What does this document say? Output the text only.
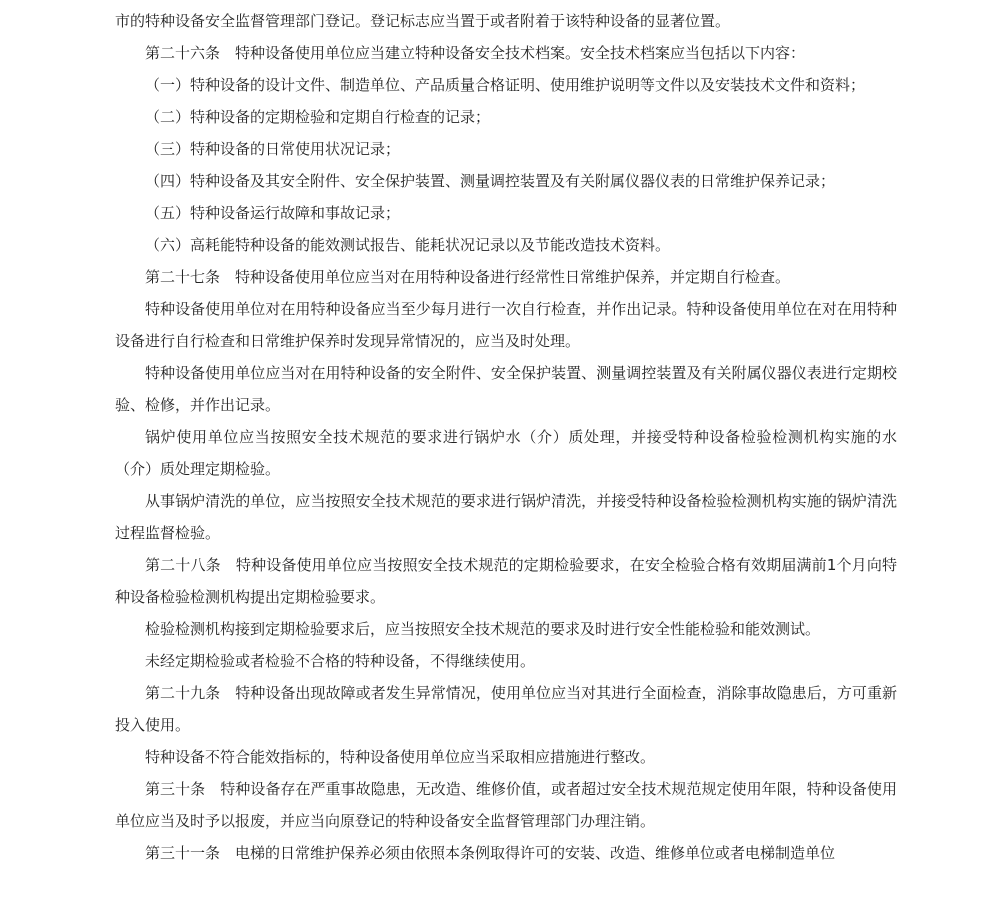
市的特种设备安全监督管理部门登记。登记标志应当置于或者附着于该特种设备的显著位置。

第二十六条　特种设备使用单位应当建立特种设备安全技术档案。安全技术档案应当包括以下内容：

（一）特种设备的设计文件、制造单位、产品质量合格证明、使用维护说明等文件以及安装技术文件和资料；

（二）特种设备的定期检验和定期自行检查的记录；

（三）特种设备的日常使用状况记录；

（四）特种设备及其安全附件、安全保护装置、测量调控装置及有关附属仪器仪表的日常维护保养记录；

（五）特种设备运行故障和事故记录；

（六）高耗能特种设备的能效测试报告、能耗状况记录以及节能改造技术资料。

第二十七条　特种设备使用单位应当对在用特种设备进行经常性日常维护保养，并定期自行检查。

特种设备使用单位对在用特种设备应当至少每月进行一次自行检查，并作出记录。特种设备使用单位在对在用特种设备进行自行检查和日常维护保养时发现异常情况的，应当及时处理。

特种设备使用单位应当对在用特种设备的安全附件、安全保护装置、测量调控装置及有关附属仪器仪表进行定期校验、检修，并作出记录。

锅炉使用单位应当按照安全技术规范的要求进行锅炉水（介）质处理，并接受特种设备检验检测机构实施的水（介）质处理定期检验。

从事锅炉清洗的单位，应当按照安全技术规范的要求进行锅炉清洗，并接受特种设备检验检测机构实施的锅炉清洗过程监督检验。

第二十八条　特种设备使用单位应当按照安全技术规范的定期检验要求，在安全检验合格有效期届满前1个月向特种设备检验检测机构提出定期检验要求。

检验检测机构接到定期检验要求后，应当按照安全技术规范的要求及时进行安全性能检验和能效测试。

未经定期检验或者检验不合格的特种设备，不得继续使用。

第二十九条　特种设备出现故障或者发生异常情况，使用单位应当对其进行全面检查，消除事故隐患后，方可重新投入使用。

特种设备不符合能效指标的，特种设备使用单位应当采取相应措施进行整改。

第三十条　特种设备存在严重事故隐患，无改造、维修价值，或者超过安全技术规范规定使用年限，特种设备使用单位应当及时予以报废，并应当向原登记的特种设备安全监督管理部门办理注销。

第三十一条　电梯的日常维护保养必须由依照本条例取得许可的安装、改造、维修单位或者电梯制造单位
